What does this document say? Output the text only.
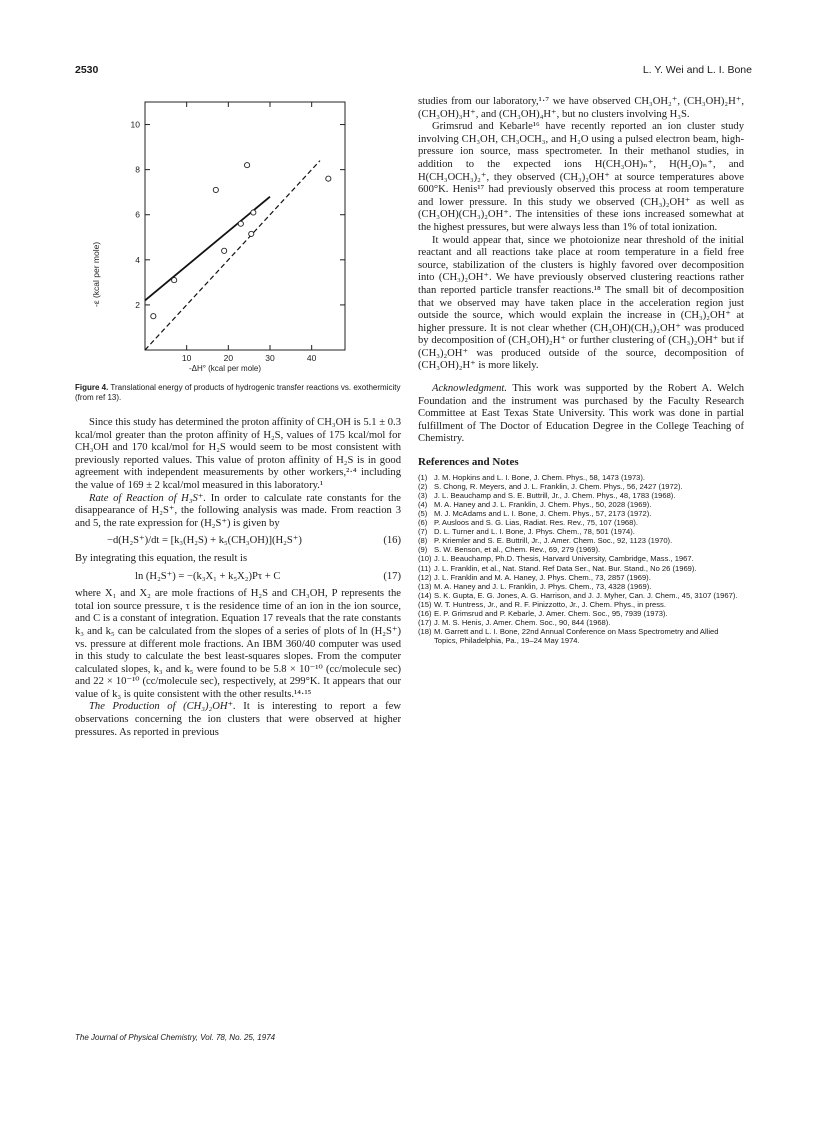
2530	L. Y. Wei and L. I. Bone
10	20	30	40
2
4
6
8
10
-ε (kcal per mole)
-ΔH° (kcal per mole)
Figure 4. Translational energy of products of hydrogenic transfer reactions vs. exothermicity (from ref 13).

Since this study has determined the proton affinity of CH₃OH is 5.1 ± 0.3 kcal/mol greater than the proton affinity of H₂S, values of 175 kcal/mol for CH₃OH and 170 kcal/mol for H₂S would seem to be most consistent with previously reported values. This value of proton affinity of H₂S is in good agreement with independent measurements by other workers,²·⁴ including the value of 169 ± 2 kcal/mol measured in this laboratory.¹

Rate of Reaction of H₃S⁺. In order to calculate rate constants for the disappearance of H₂S⁺, the following analysis was made. From reaction 3 and 5, the rate expression for (H₂S⁺) is given by

−d(H₂S⁺)/dt = [k₃(H₂S) + k₅(CH₃OH)](H₂S⁺)	(16)

By integrating this equation, the result is

ln (H₂S⁺) = −(k₃X₁ + k₅X₂)Pτ + C	(17)

where X₁ and X₂ are mole fractions of H₂S and CH₃OH, P represents the total ion source pressure, τ is the residence time of an ion in the ion source, and C is a constant of integration. Equation 17 reveals that the rate constants k₃ and k₅ can be calculated from the slopes of a series of plots of ln (H₂S⁺) vs. pressure at different mole fractions. An IBM 360/40 computer was used in this study to calculate the best least-squares slopes. From the computer calculated slopes, k₃ and k₅ were found to be 5.8 × 10⁻¹⁰ (cc/molecule sec) and 22 × 10⁻¹⁰ (cc/molecule sec), respectively, at 299°K. It appears that our value of k₃ is quite consistent with the other results.¹⁴·¹⁵

The Production of (CH₃)₂OH⁺. It is interesting to report a few observations concerning the ion clusters that were observed at higher pressures. As reported in previous

studies from our laboratory,¹·⁷ we have observed CH₃OH₂⁺, (CH₃OH)₂H⁺, (CH₃OH)₃H⁺, and (CH₃OH)₄H⁺, but no clusters involving H₃S.

Grimsrud and Kebarle¹⁶ have recently reported an ion cluster study involving CH₃OH, CH₃OCH₃, and H₂O using a pulsed electron beam, high-pressure ion source, mass spectrometer. In their methanol studies, in addition to the expected ions H(CH₃OH)ₙ⁺, H(H₂O)ₙ⁺, and H(CH₃OCH₃)₂⁺, they observed (CH₃)₂OH⁺ at source temperatures above 600°K. Henis¹⁷ had previously observed this process at room temperature and lower pressure. In this study we observed (CH₃)₂OH⁺ as well as (CH₃OH)(CH₃)₂OH⁺. The intensities of these ions increased somewhat at the highest pressures, but were always less than 1% of total ionization.

It would appear that, since we photoionize near threshold of the initial reactant and all reactions take place at room temperature in a field free source, stabilization of the clusters is highly favored over decomposition into (CH₃)₂OH⁺. We have previously observed clustering reactions rather than reported particle transfer reactions.¹⁸ The small bit of decomposition that we observed may have taken place in the acceleration region just outside the source, which would explain the increase in (CH₃)₂OH⁺ at higher pressure. It is not clear whether (CH₃OH)(CH₃)₂OH⁺ was produced by decomposition of (CH₃OH)₂H⁺ or further clustering of (CH₃)₂OH⁺ but if (CH₃)₂OH⁺ was produced outside of the source, decomposition of (CH₃OH)₂H⁺ is more likely.

Acknowledgment. This work was supported by the Robert A. Welch Foundation and the instrument was purchased by the Faculty Research Committee at East Texas State University. This work was done in partial fulfillment of The Doctor of Education Degree in the College Teaching of Chemistry.

References and Notes
(1) J. M. Hopkins and L. I. Bone, J. Chem. Phys., 58, 1473 (1973).
(2) S. Chong, R. Meyers, and J. L. Franklin, J. Chem. Phys., 56, 2427 (1972).
(3) J. L. Beauchamp and S. E. Buttrill, Jr., J. Chem. Phys., 48, 1783 (1968).
(4) M. A. Haney and J. L. Franklin, J. Chem. Phys., 50, 2028 (1969).
(5) M. J. McAdams and L. I. Bone, J. Chem. Phys., 57, 2173 (1972).
(6) P. Ausloos and S. G. Lias, Radiat. Res. Rev., 75, 107 (1968).
(7) D. L. Turner and L. I. Bone, J. Phys. Chem., 78, 501 (1974).
(8) P. Kriemler and S. E. Buttrill, Jr., J. Amer. Chem. Soc., 92, 1123 (1970).
(9) S. W. Benson, et al., Chem. Rev., 69, 279 (1969).
(10) J. L. Beauchamp, Ph.D. Thesis, Harvard University, Cambridge, Mass., 1967.
(11) J. L. Franklin, et al., Nat. Stand. Ref Data Ser., Nat. Bur. Stand., No 26 (1969).
(12) J. L. Franklin and M. A. Haney, J. Phys. Chem., 73, 2857 (1969).
(13) M. A. Haney and J. L. Franklin, J. Phys. Chem., 73, 4328 (1969).
(14) S. K. Gupta, E. G. Jones, A. G. Harrison, and J. J. Myher, Can. J. Chem., 45, 3107 (1967).
(15) W. T. Huntress, Jr., and R. F. Pinizzotto, Jr., J. Chem. Phys., in press.
(16) E. P. Grimsrud and P. Kebarle, J. Amer. Chem. Soc., 95, 7939 (1973).
(17) J. M. S. Henis, J. Amer. Chem. Soc., 90, 844 (1968).
(18) M. Garrett and L. I. Bone, 22nd Annual Conference on Mass Spectrometry and Allied Topics, Philadelphia, Pa., 19–24 May 1974.
The Journal of Physical Chemistry, Vol. 78, No. 25, 1974
